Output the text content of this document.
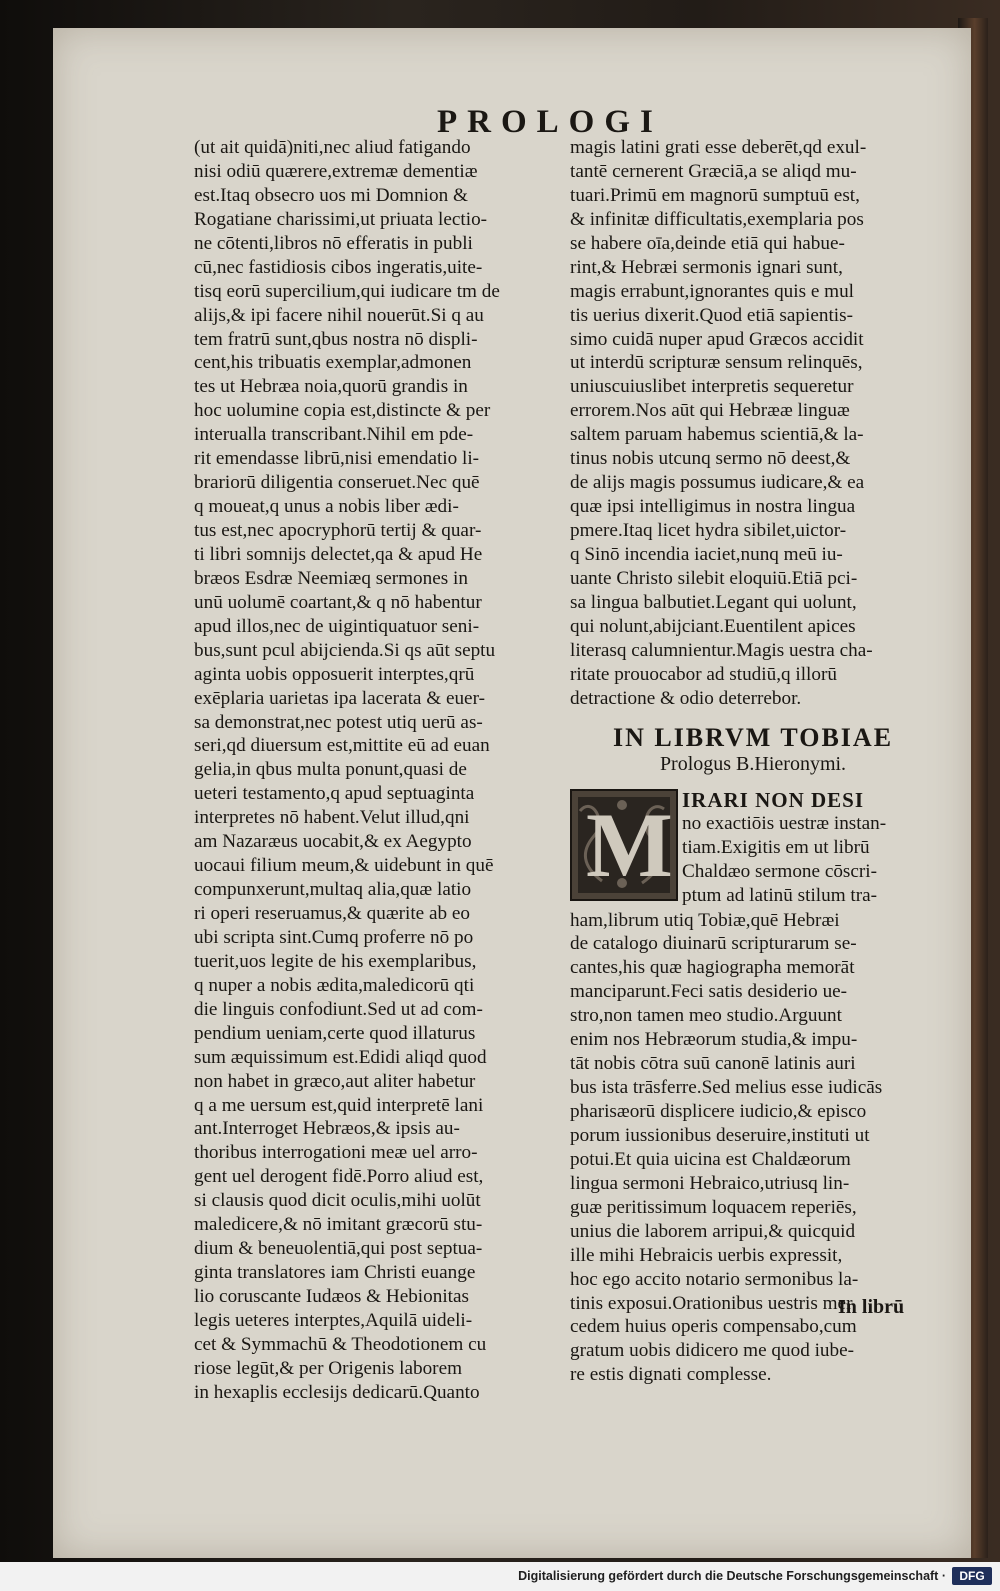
PROLOGI
(ut ait quidā)niti,nec aliud fatigando
nisi odiū quærere,extremæ dementiæ
est.Itaq obsecro uos mi Domnion &
Rogatiane charissimi,ut priuata lectio-
ne cōtenti,libros nō efferatis in publi
cū,nec fastidiosis cibos ingeratis,uite-
tisq eorū supercilium,qui iudicare tm de
alijs,& ipi facere nihil nouerūt.Si q au
tem fratrū sunt,qbus nostra nō displi-
cent,his tribuatis exemplar,admonen
tes ut Hebræa noia,quorū grandis in
hoc uolumine copia est,distincte & per
interualla transcribant.Nihil em pde-
rit emendasse librū,nisi emendatio li-
brariorū diligentia conseruet.Nec quē
q moueat,q unus a nobis liber ædi-
tus est,nec apocryphorū tertij & quar-
ti libri somnijs delectet,qa & apud He
bræos Esdræ Neemiæq sermones in
unū uolumē coartant,& q nō habentur
apud illos,nec de uigintiquatuor seni-
bus,sunt pcul abijcienda.Si qs aūt septu
aginta uobis opposuerit interptes,qrū
exēplaria uarietas ipa lacerata & euer-
sa demonstrat,nec potest utiq uerū as-
seri,qd diuersum est,mittite eū ad euan
gelia,in qbus multa ponunt,quasi de
ueteri testamento,q apud septuaginta
interpretes nō habent.Velut illud,qni
am Nazaræus uocabit,& ex Aegypto
uocaui filium meum,& uidebunt in quē
compunxerunt,multaq alia,quæ latio
ri operi reseruamus,& quærite ab eo
ubi scripta sint.Cumq proferre nō po
tuerit,uos legite de his exemplaribus,
q nuper a nobis ædita,maledicorū qti
die linguis confodiunt.Sed ut ad com-
pendium ueniam,certe quod illaturus
sum æquissimum est.Edidi aliqd quod
non habet in græco,aut aliter habetur
q a me uersum est,quid interpretē lani
ant.Interroget Hebræos,& ipsis au-
thoribus interrogationi meæ uel arro-
gent uel derogent fidē.Porro aliud est,
si clausis quod dicit oculis,mihi uolūt
maledicere,& nō imitant græcorū stu-
dium & beneuolentiā,qui post septua-
ginta translatores iam Christi euange
lio coruscante Iudæos & Hebionitas
legis ueteres interptes,Aquilā uideli-
cet & Symmachū & Theodotionem cu
riose legūt,& per Origenis laborem
in hexaplis ecclesijs dedicarū.Quanto
magis latini grati esse deberēt,qd exul-
tantē cernerent Græciā,a se aliqd mu-
tuari.Primū em magnorū sumptuū est,
& infinitæ difficultatis,exemplaria pos
se habere oīa,deinde etiā qui habue-
rint,& Hebræi sermonis ignari sunt,
magis errabunt,ignorantes quis e mul
tis uerius dixerit.Quod etiā sapientis-
simo cuidā nuper apud Græcos accidit
ut interdū scripturæ sensum relinquēs,
uniuscuiuslibet interpretis sequeretur
errorem.Nos aūt qui Hebrææ linguæ
saltem paruam habemus scientiā,& la-
tinus nobis utcunq sermo nō deest,&
de alijs magis possumus iudicare,& ea
quæ ipsi intelligimus in nostra lingua
pmere.Itaq licet hydra sibilet,uictor-
q Sinō incendia iaciet,nunq meū iu-
uante Christo silebit eloquiū.Etiā pci-
sa lingua balbutiet.Legant qui uolunt,
qui nolunt,abijciant.Euentilent apices
literasq calumnientur.Magis uestra cha-
ritate prouocabor ad studiū,q illorū
detractione & odio deterrebor.
IN LIBRVM TOBIAE
Prologus B.Hieronymi.
M IRARI NON DESI
no exactiōis uestræ instan-
tiam.Exigitis em ut librū
Chaldæo sermone cōscri-
ptum ad latinū stilum tra-
ham,librum utiq Tobiæ,quē Hebræi
de catalogo diuinarū scripturarum se-
cantes,his quæ hagiographa memorāt
manciparunt.Feci satis desiderio ue-
stro,non tamen meo studio.Arguunt
enim nos Hebræorum studia,& impu-
tāt nobis cōtra suū canonē latinis auri
bus ista trāsferre.Sed melius esse iudicās
pharisæorū displicere iudicio,& episco
porum iussionibus deseruire,instituti ut
potui.Et quia uicina est Chaldæorum
lingua sermoni Hebraico,utriusq lin-
guæ peritissimum loquacem reperiēs,
unius die laborem arripui,& quicquid
ille mihi Hebraicis uerbis expressit,
hoc ego accito notario sermonibus la-
tinis exposui.Orationibus uestris mer
cedem huius operis compensabo,cum
gratum uobis didicero me quod iube-
re estis dignati complesse.
In librū
Digitalisierung gefördert durch die Deutsche Forschungsgemeinschaft ·	DFG
